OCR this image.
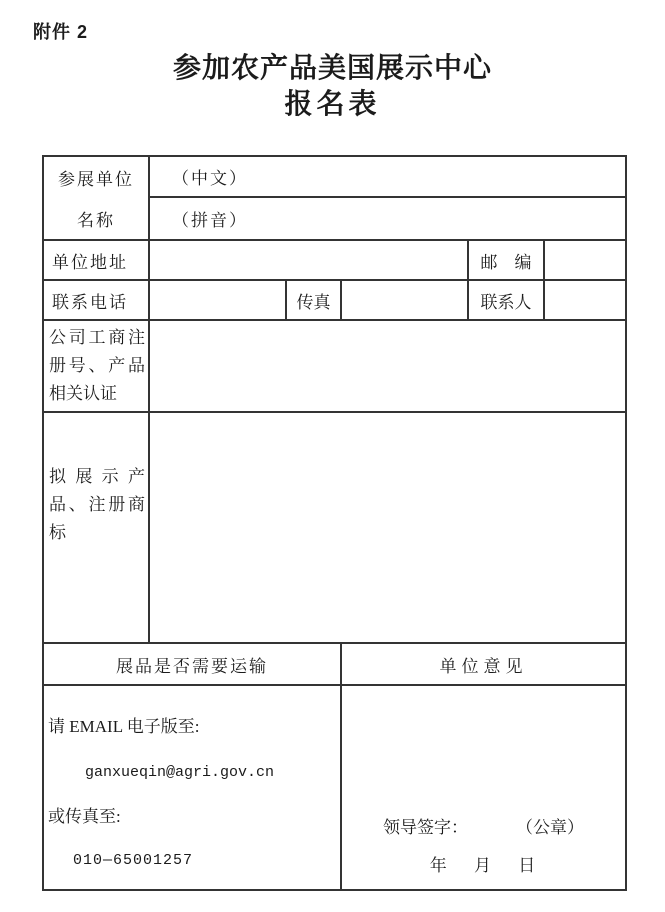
附件 2
参加农产品美国展示中心
报名表
参展单位
名称	（中文）				
	（拼音）				
单位地址				邮　编	
联系电话		传真		联系人	

公司工商注册号、产品相关认证					

拟展示产品、注册商标					

展品是否需要运输			单位意见		

请 EMAIL 电子版至:
ganxueqin@agri.gov.cn
或传真至:
010—65001257

领导签字：	（公章）
年　 月　 日
